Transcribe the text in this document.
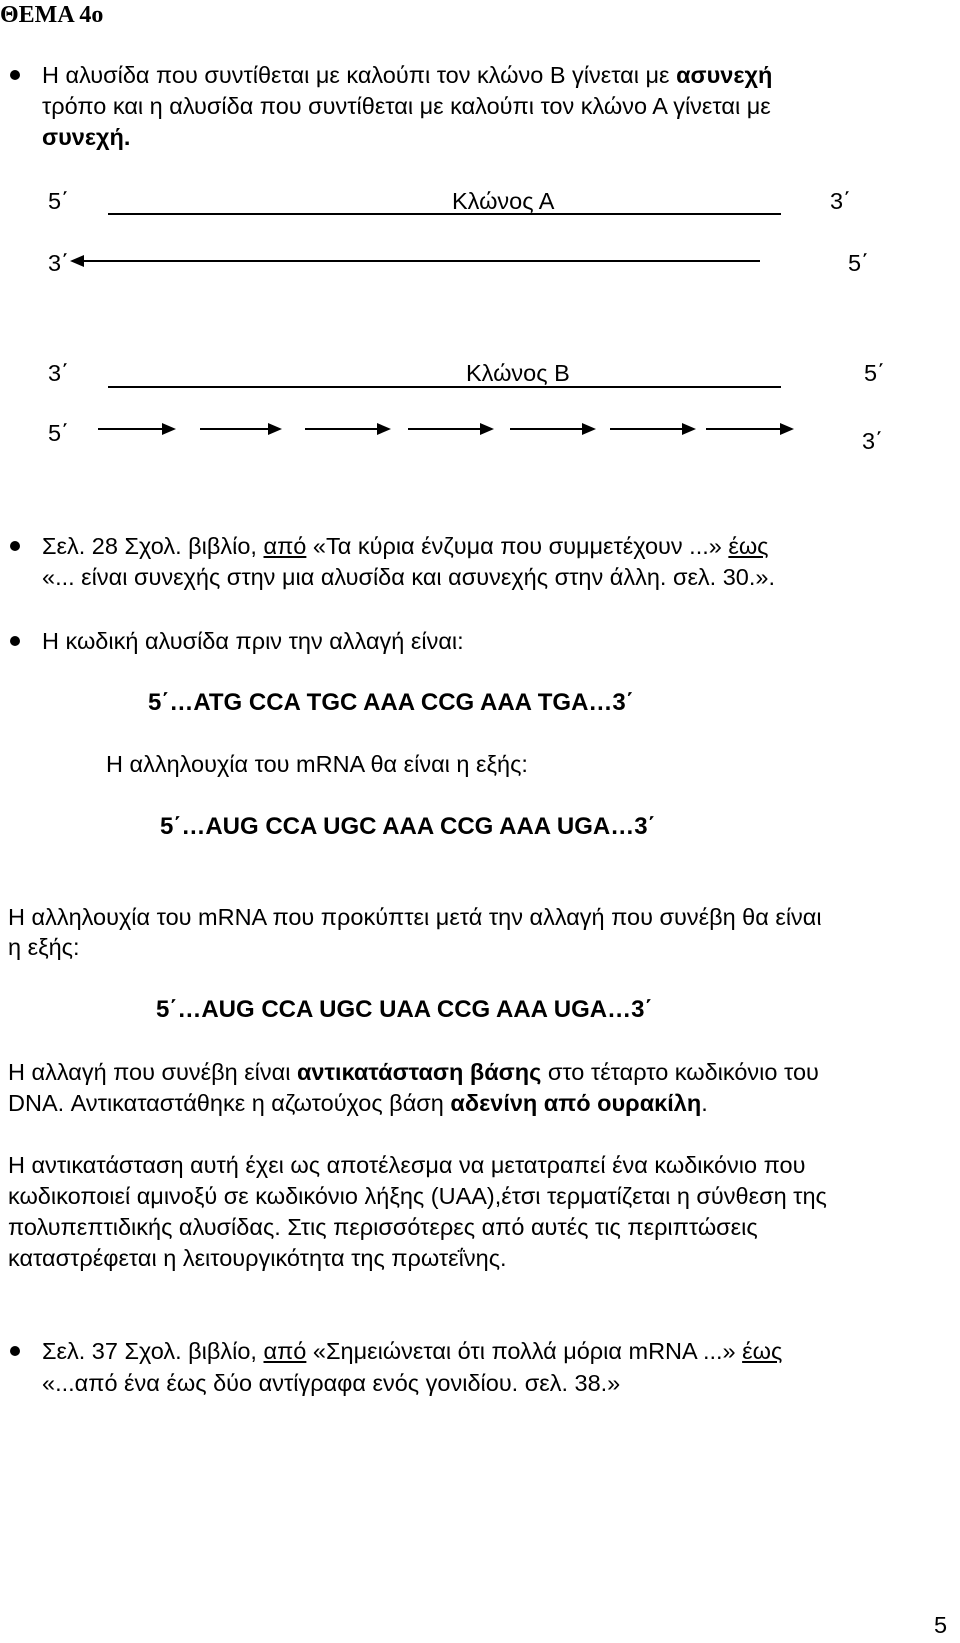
ΘΕΜΑ 4ο
Η αλυσίδα που συντίθεται με καλούπι τον κλώνο Β γίνεται με ασυνεχή
τρόπο και η αλυσίδα που συντίθεται με καλούπι τον κλώνο Α γίνεται με
συνεχή.
5΄	Κλώνος Α	3΄
3΄	5΄
3΄	Κλώνος Β	5΄
5΄	3΄
Σελ. 28 Σχολ. βιβλίο, από «Τα κύρια ένζυμα που συμμετέχουν ...» έως
«... είναι συνεχής στην μια αλυσίδα και ασυνεχής στην άλλη. σελ. 30.».
Η κωδική αλυσίδα πριν την αλλαγή είναι:
5΄…ATG CCA TGC AAA CCG AAA TGA…3΄
Η αλληλουχία του mRNA θα είναι η εξής:
5΄…AUG CCA UGC AAA CCG AAA UGA…3΄
Η αλληλουχία του mRNA που προκύπτει μετά την αλλαγή που συνέβη θα είναι
η εξής:
5΄…AUG CCA UGC UAA CCG AAA UGA…3΄
Η αλλαγή που συνέβη είναι αντικατάσταση βάσης στο τέταρτο κωδικόνιο του
DNA. Αντικαταστάθηκε η αζωτούχος βάση αδενίνη από ουρακίλη.
Η αντικατάσταση αυτή έχει ως αποτέλεσμα να μετατραπεί ένα κωδικόνιο που
κωδικοποιεί αμινοξύ σε κωδικόνιο λήξης (UAA),έτσι τερματίζεται η σύνθεση της
πολυπεπτιδικής αλυσίδας. Στις περισσότερες από αυτές τις περιπτώσεις
καταστρέφεται η λειτουργικότητα της πρωτεΐνης.
Σελ. 37 Σχολ. βιβλίο, από «Σημειώνεται ότι πολλά μόρια mRNA ...» έως
«...από ένα έως δύο αντίγραφα ενός γονιδίου. σελ. 38.»
5
